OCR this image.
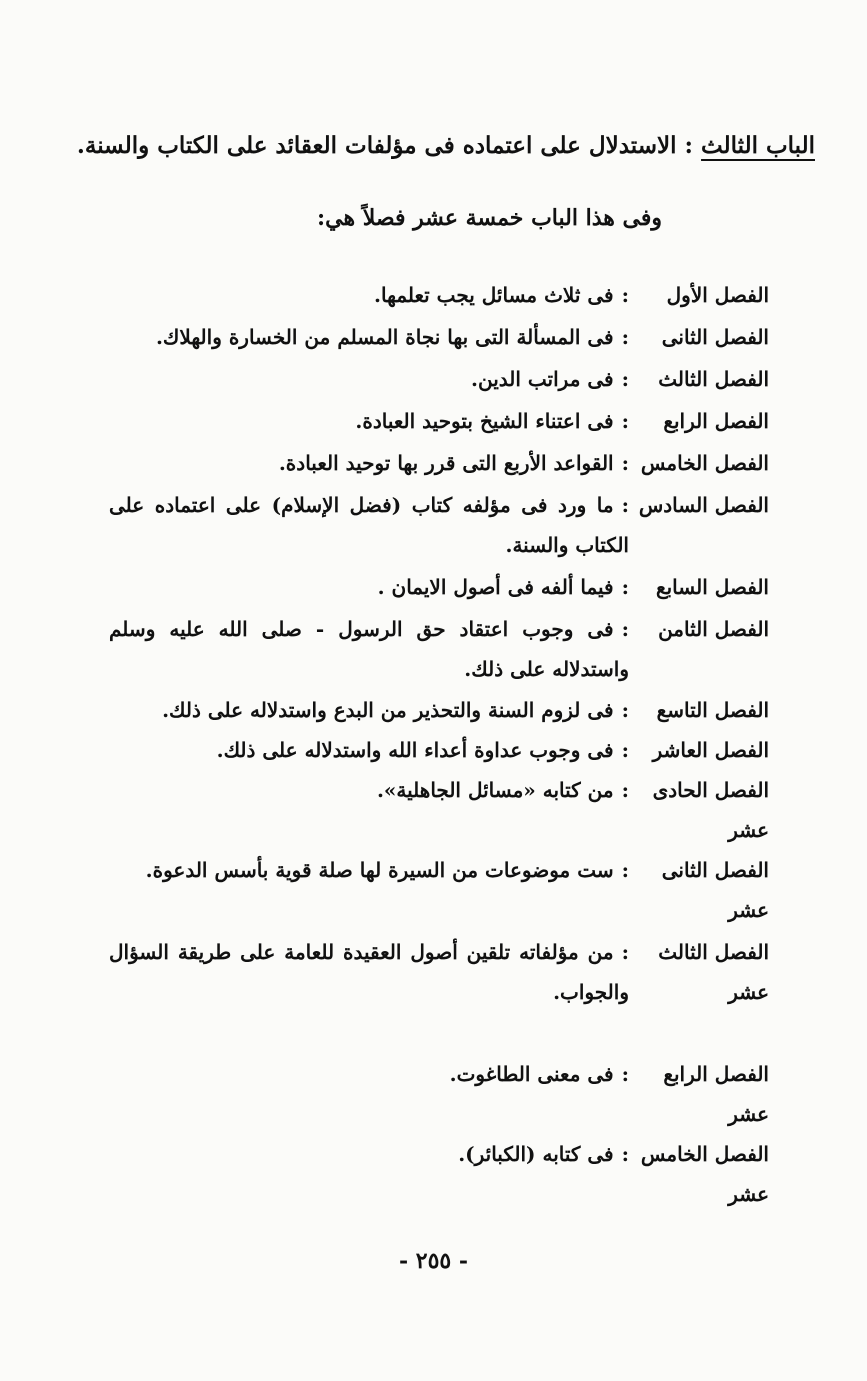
الباب الثالث : الاستدلال على اعتماده فى مؤلفات العقائد على الكتاب والسنة.
وفى هذا الباب خمسة عشر فصلاً هي:
الفصل الأول
: فى ثلاث مسائل يجب تعلمها.
الفصل الثانى
: فى المسألة التى بها نجاة المسلم من الخسارة والهلاك.
الفصل الثالث
: فى مراتب الدين.
الفصل الرابع
: فى اعتناء الشيخ بتوحيد العبادة.
الفصل الخامس
: القواعد الأربع التى قرر بها توحيد العبادة.
الفصل السادس
: ما ورد فى مؤلفه كتاب (فضل الإسلام) على اعتماده على الكتاب والسنة.
الفصل السابع
: فيما ألفه فى أصول الايمان .
الفصل الثامن
: فى وجوب اعتقاد حق الرسول - صلى الله عليه وسلم واستدلاله على ذلك.
الفصل التاسع
: فى لزوم السنة والتحذير من البدع واستدلاله على ذلك.
الفصل العاشر
: فى وجوب عداوة أعداء الله واستدلاله على ذلك.
الفصل الحادى
عشر
: من كتابه «مسائل الجاهلية».
الفصل الثانى
عشر
: ست موضوعات من السيرة لها صلة قوية بأسس الدعوة.
الفصل الثالث
عشر
: من مؤلفاته تلقين أصول العقيدة للعامة على طريقة السؤال والجواب.
الفصل الرابع
عشر
: فى معنى الطاغوت.
الفصل الخامس
عشر
: فى كتابه (الكبائر).
- ٢٥٥ -
